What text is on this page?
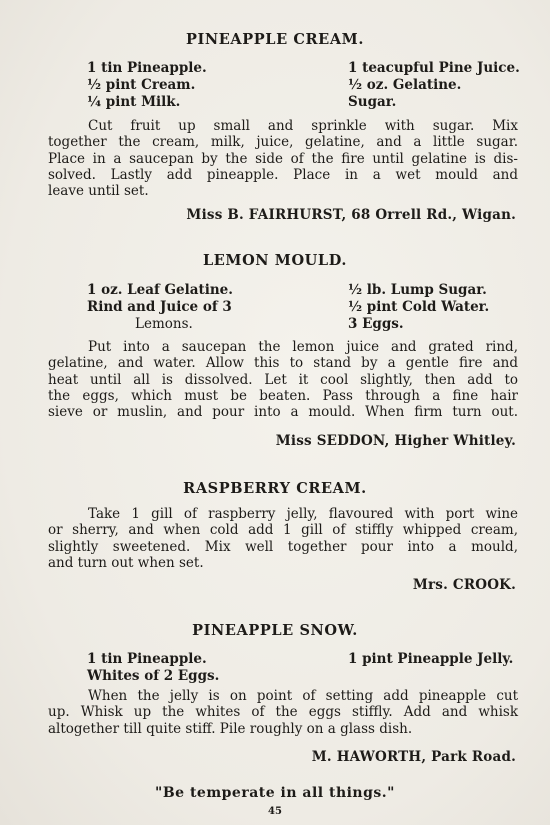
PINEAPPLE CREAM.
1 tin Pineapple.
½ pint Cream.
¼ pint Milk.
1 teacupful Pine Juice.
½ oz. Gelatine.
Sugar.
Cut fruit up small and sprinkle with sugar. Mix
together the cream, milk, juice, gelatine, and a little sugar.
Place in a saucepan by the side of the fire until gelatine is dis-
solved. Lastly add pineapple. Place in a wet mould and
leave until set.
Miss B. FAIRHURST, 68 Orrell Rd., Wigan.
LEMON MOULD.
1 oz. Leaf Gelatine.
Rind and Juice of 3
Lemons.
½ lb. Lump Sugar.
½ pint Cold Water.
3 Eggs.
Put into a saucepan the lemon juice and grated rind,
gelatine, and water. Allow this to stand by a gentle fire and
heat until all is dissolved. Let it cool slightly, then add to
the eggs, which must be beaten. Pass through a fine hair
sieve or muslin, and pour into a mould. When firm turn out.
Miss SEDDON, Higher Whitley.
RASPBERRY CREAM.
Take 1 gill of raspberry jelly, flavoured with port wine
or sherry, and when cold add 1 gill of stiffly whipped cream,
slightly sweetened. Mix well together pour into a mould,
and turn out when set.
Mrs. CROOK.
PINEAPPLE SNOW.
1 tin Pineapple.
Whites of 2 Eggs.
1 pint Pineapple Jelly.
When the jelly is on point of setting add pineapple cut
up. Whisk up the whites of the eggs stiffly. Add and whisk
altogether till quite stiff. Pile roughly on a glass dish.
M. HAWORTH, Park Road.
"Be temperate in all things."
45
